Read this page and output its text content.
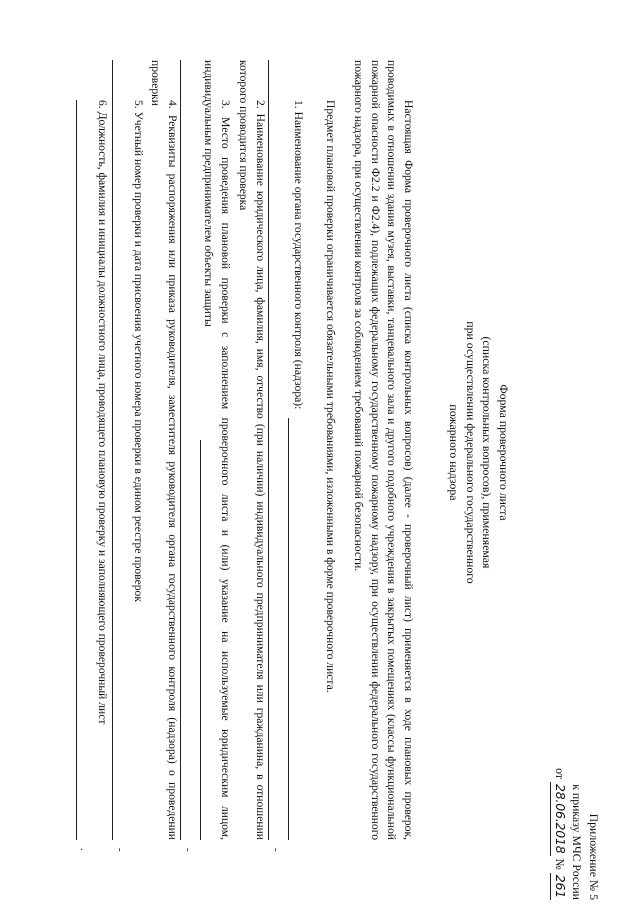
Приложение № 5
к приказу МЧС России
от 28.06.2018 № 261
Форма проверочного листа
(списка контрольных вопросов), применяемая
при осуществлении федерального государственного
пожарного надзора
Настоящая Форма проверочного листа (списка контрольных вопросов) (далее - проверочный лист) применяется в ходе плановых проверок, проводимых в отношении здания музея, выставки, танцевального зала и другого подобного учреждения в закрытых помещениях (классы функциональной пожарной опасности Ф2.2 и Ф2.4), подлежащих федеральному государственному пожарному надзору, при осуществлении федерального государственного пожарного надзора, при осуществлении контроля за соблюдением требований пожарной безопасности.
Предмет плановой проверки ограничивается обязательными требованиями, изложенными в форме проверочного листа.
1. Наименование органа государственного контроля (надзора):
-
2. Наименование юридического лица, фамилия, имя, отчество (при наличии) индивидуального предпринимателя или гражданина, в отношении которого проводится проверка
3. Место проведения плановой проверки с заполнением проверочного листа и (или) указание на используемые юридическим лицом, индивидуальным предпринимателем объекты защиты
-
4. Реквизиты распоряжения или приказа руководителя, заместителя руководителя органа государственного контроля (надзора) о проведении проверки
5. Учетный номер проверки и дата присвоения учетного номера проверки в едином реестре проверок
-
6. Должность, фамилия и инициалы должностного лица, проводящего плановую проверку и заполняющего проверочный лист
.
